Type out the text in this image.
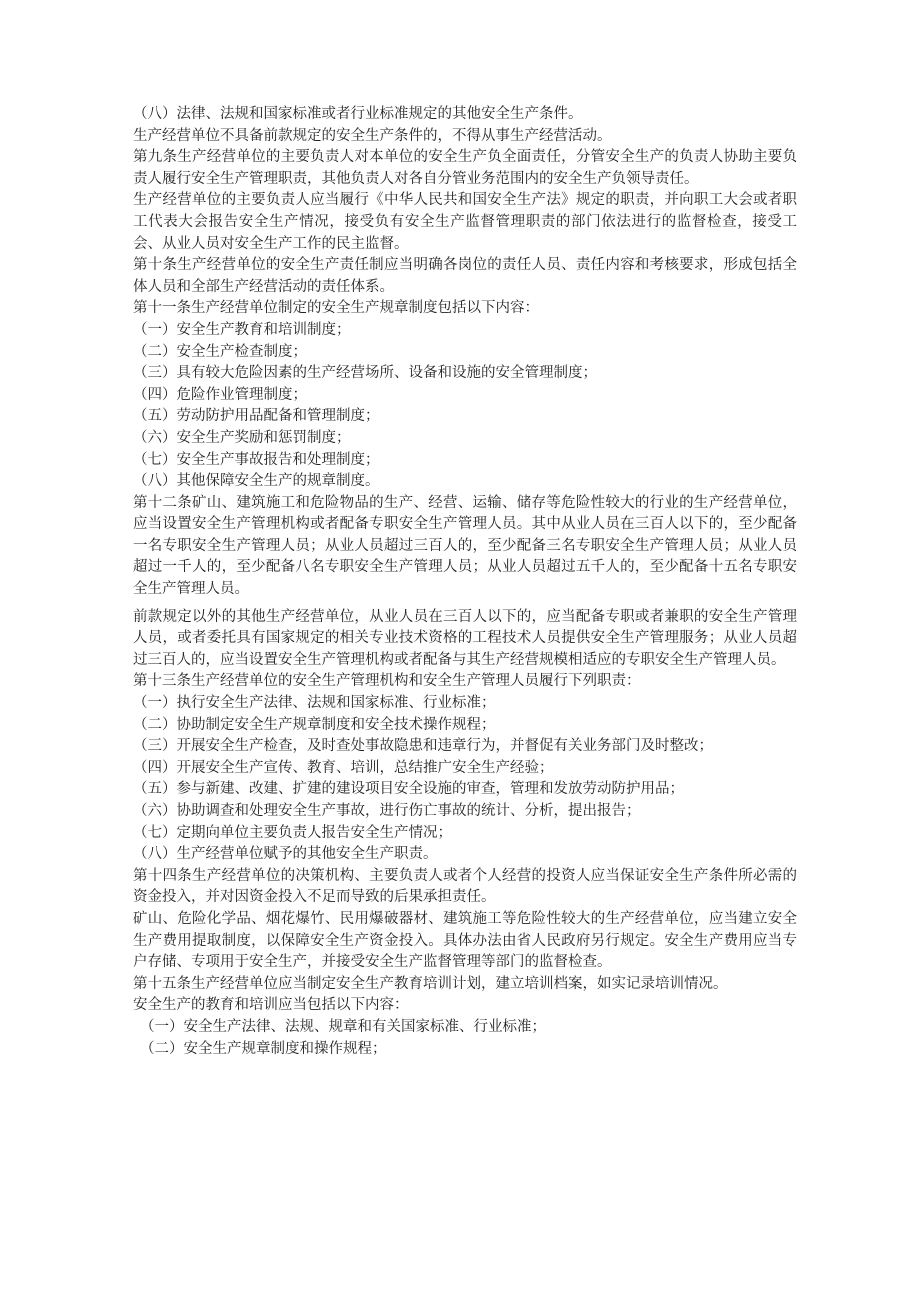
（八）法律、法规和国家标准或者行业标准规定的其他安全生产条件。

生产经营单位不具备前款规定的安全生产条件的，不得从事生产经营活动。

第九条生产经营单位的主要负责人对本单位的安全生产负全面责任，分管安全生产的负责人协助主要负责人履行安全生产管理职责，其他负责人对各自分管业务范围内的安全生产负领导责任。

生产经营单位的主要负责人应当履行《中华人民共和国安全生产法》规定的职责，并向职工大会或者职工代表大会报告安全生产情况，接受负有安全生产监督管理职责的部门依法进行的监督检查，接受工会、从业人员对安全生产工作的民主监督。

第十条生产经营单位的安全生产责任制应当明确各岗位的责任人员、责任内容和考核要求，形成包括全体人员和全部生产经营活动的责任体系。

第十一条生产经营单位制定的安全生产规章制度包括以下内容：

（一）安全生产教育和培训制度；

（二）安全生产检查制度；

（三）具有较大危险因素的生产经营场所、设备和设施的安全管理制度；

（四）危险作业管理制度；

（五）劳动防护用品配备和管理制度；

（六）安全生产奖励和惩罚制度；

（七）安全生产事故报告和处理制度；

（八）其他保障安全生产的规章制度。

第十二条矿山、建筑施工和危险物品的生产、经营、运输、储存等危险性较大的行业的生产经营单位，应当设置安全生产管理机构或者配备专职安全生产管理人员。其中从业人员在三百人以下的，至少配备一名专职安全生产管理人员；从业人员超过三百人的，至少配备三名专职安全生产管理人员；从业人员超过一千人的，至少配备八名专职安全生产管理人员；从业人员超过五千人的，至少配备十五名专职安全生产管理人员。

前款规定以外的其他生产经营单位，从业人员在三百人以下的，应当配备专职或者兼职的安全生产管理人员，或者委托具有国家规定的相关专业技术资格的工程技术人员提供安全生产管理服务；从业人员超过三百人的，应当设置安全生产管理机构或者配备与其生产经营规模相适应的专职安全生产管理人员。

第十三条生产经营单位的安全生产管理机构和安全生产管理人员履行下列职责：

（一）执行安全生产法律、法规和国家标准、行业标准；

（二）协助制定安全生产规章制度和安全技术操作规程；

（三）开展安全生产检查，及时查处事故隐患和违章行为，并督促有关业务部门及时整改；

（四）开展安全生产宣传、教育、培训，总结推广安全生产经验；

（五）参与新建、改建、扩建的建设项目安全设施的审查，管理和发放劳动防护用品；

（六）协助调查和处理安全生产事故，进行伤亡事故的统计、分析，提出报告；

（七）定期向单位主要负责人报告安全生产情况；

（八）生产经营单位赋予的其他安全生产职责。

第十四条生产经营单位的决策机构、主要负责人或者个人经营的投资人应当保证安全生产条件所必需的资金投入，并对因资金投入不足而导致的后果承担责任。

矿山、危险化学品、烟花爆竹、民用爆破器材、建筑施工等危险性较大的生产经营单位，应当建立安全生产费用提取制度，以保障安全生产资金投入。具体办法由省人民政府另行规定。安全生产费用应当专户存储、专项用于安全生产，并接受安全生产监督管理等部门的监督检查。

第十五条生产经营单位应当制定安全生产教育培训计划，建立培训档案，如实记录培训情况。

安全生产的教育和培训应当包括以下内容：

（一）安全生产法律、法规、规章和有关国家标准、行业标准；

（二）安全生产规章制度和操作规程；
